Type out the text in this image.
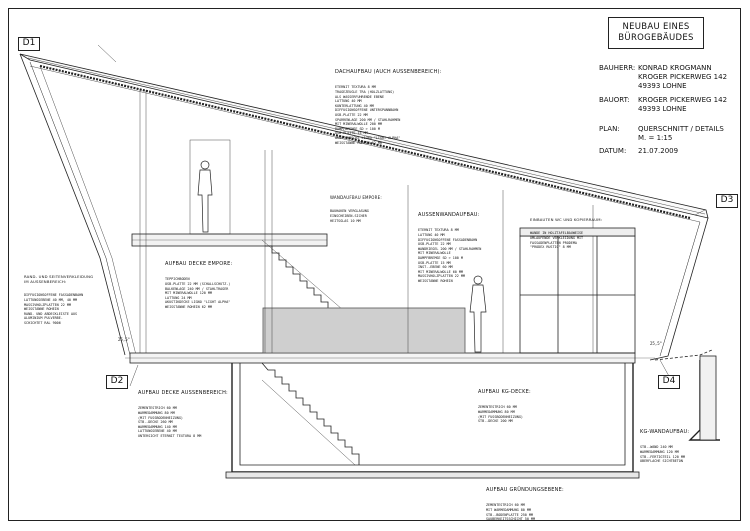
NEUBAU EINES
BÜROGEBÄUDES
BAUHERR: KONRAD KROGMANN
KROGER PICKERWEG 142
49393 LOHNE
BAUORT:	KROGER PICKERWEG 142
49393 LOHNE
PLAN:	QUERSCHNITT / DETAILS
M. = 1:15
DATUM:	21.07.2009
D1
D3
D2	D4

DACHAUFBAU (AUCH AUSSENBEREICH):

ETERNIT TEXTURA 8 MM
TRAGEZEUGLE TRA (HOLZLATTUNG)
ALS WASSERFUHRENDE EBENE
LATTUNG 40 MM
KONTERLATTUNG 40 MM
DIFFUSIONSOFFENE UNTERSPANNBAHN
OSB-PLATTE 22 MM
SPARRENLAGE 200 MM / STAHLRAHMEN
MIT MINERALWOLLE 200 MM
DAMPFBREMSE SD > 100 M
OSB-PLATTE 15 MM
AKUSTIKDECKE LIGNO "LIGHT ALPHA"
WEISSTANNE ROHEIN 62 MM

WANDAUFBAU EMPORE:

BAUHAKEN VERGLASUNG
EINSCHEIBEN-SICHER
HEITSGLAS 10 MM

AUSSENWANDAUFBAU:

ETERNIT TEXTURA 8 MM
LATTUNG 40 MM
DIFFUSIONSOFFENE FASSADENBAHN
OSB-PLATTE 22 MM
WANDRIEGEL 200 MM / STAHLRAHMEN
MIT MINERALWOLLE
DAMPFBREMSE SD > 100 M
OSB-PLATTE 15 MM
INST.-EBENE 60 MM
MIT MINERALWOLLE 60 MM
MASSIVHOLZPLATTEN 22 MM
WEISSTANNE ROHEIN

EINBAUTEN WC UND KOPIERRAUM:

WANDE IN HOLZTAFELBAUWEISE
UMLAUFENDE VERKLEIDUNG MIT
FASSADENPLATTEN PRODEMA
"PRODEX RUSTIC" 8 MM

RAND- UND SEITENVERKLEIDUNG IM AUSSENBEREICH:

DIFFUSIONSOFFENE FASSADENBAHN
LATTUNGSEBENE 40 MM, 40 MM
MASSIVHOLZPLATTEN 22 MM
WEISSTANNE ROHEIN
RAND- UND ABDECKLEISTE AUS
ALUMINIUM PULVERBE-
SCHICHTET RAL 9006

AUFBAU DECKE EMPORE:

TEPPICHBODEN
OSB-PLATTE 22 MM (SCHALLSCHUTZ.)
BALKENLAGE 240 MM / STAHLTRAGER
MIT MINERALWOLLE 120 MM
LATTUNG 24 MM
AKUSTIKDECKE LIGNO "LIGHT ALPHA"
WEISSTANNE ROHEIN 62 MM

AUFBAU DECKE AUSSENBEREICH:

ZEMENTESTRICH 60 MM
WARMEDAMMUNG 80 MM
(MIT FUSSBODENHEIZUNG)
STB.-DECKE 260 MM
WARMEDAMMUNG 140 MM
LATTUNGSEBENE 40 MM
UNTERSICHT ETERNIT TEXTURA 8 MM

AUFBAU KG-DECKE:

ZEMENTESTRICH 60 MM
WARMEDAMMUNG 80 MM
(MIT FUSSBODENHEIZUNG)
STB.-DECKE 200 MM

KG-WANDAUFBAU:

STB.-WAND 240 MM
WARMEDAMMUNG 120 MM
STB.-FERTIGTEIL 120 MM
OBERFLACHE SICHTBETON

AUFBAU GRÜNDUNGSEBENE:

ZEMENTESTRICH 60 MM
MIT WARMEDAMMUNG 80 MM
STB.-BODENPLATTE 250 MM
SAUBERKEITSSCHICHT 50 MM

25,5°
25,5°
